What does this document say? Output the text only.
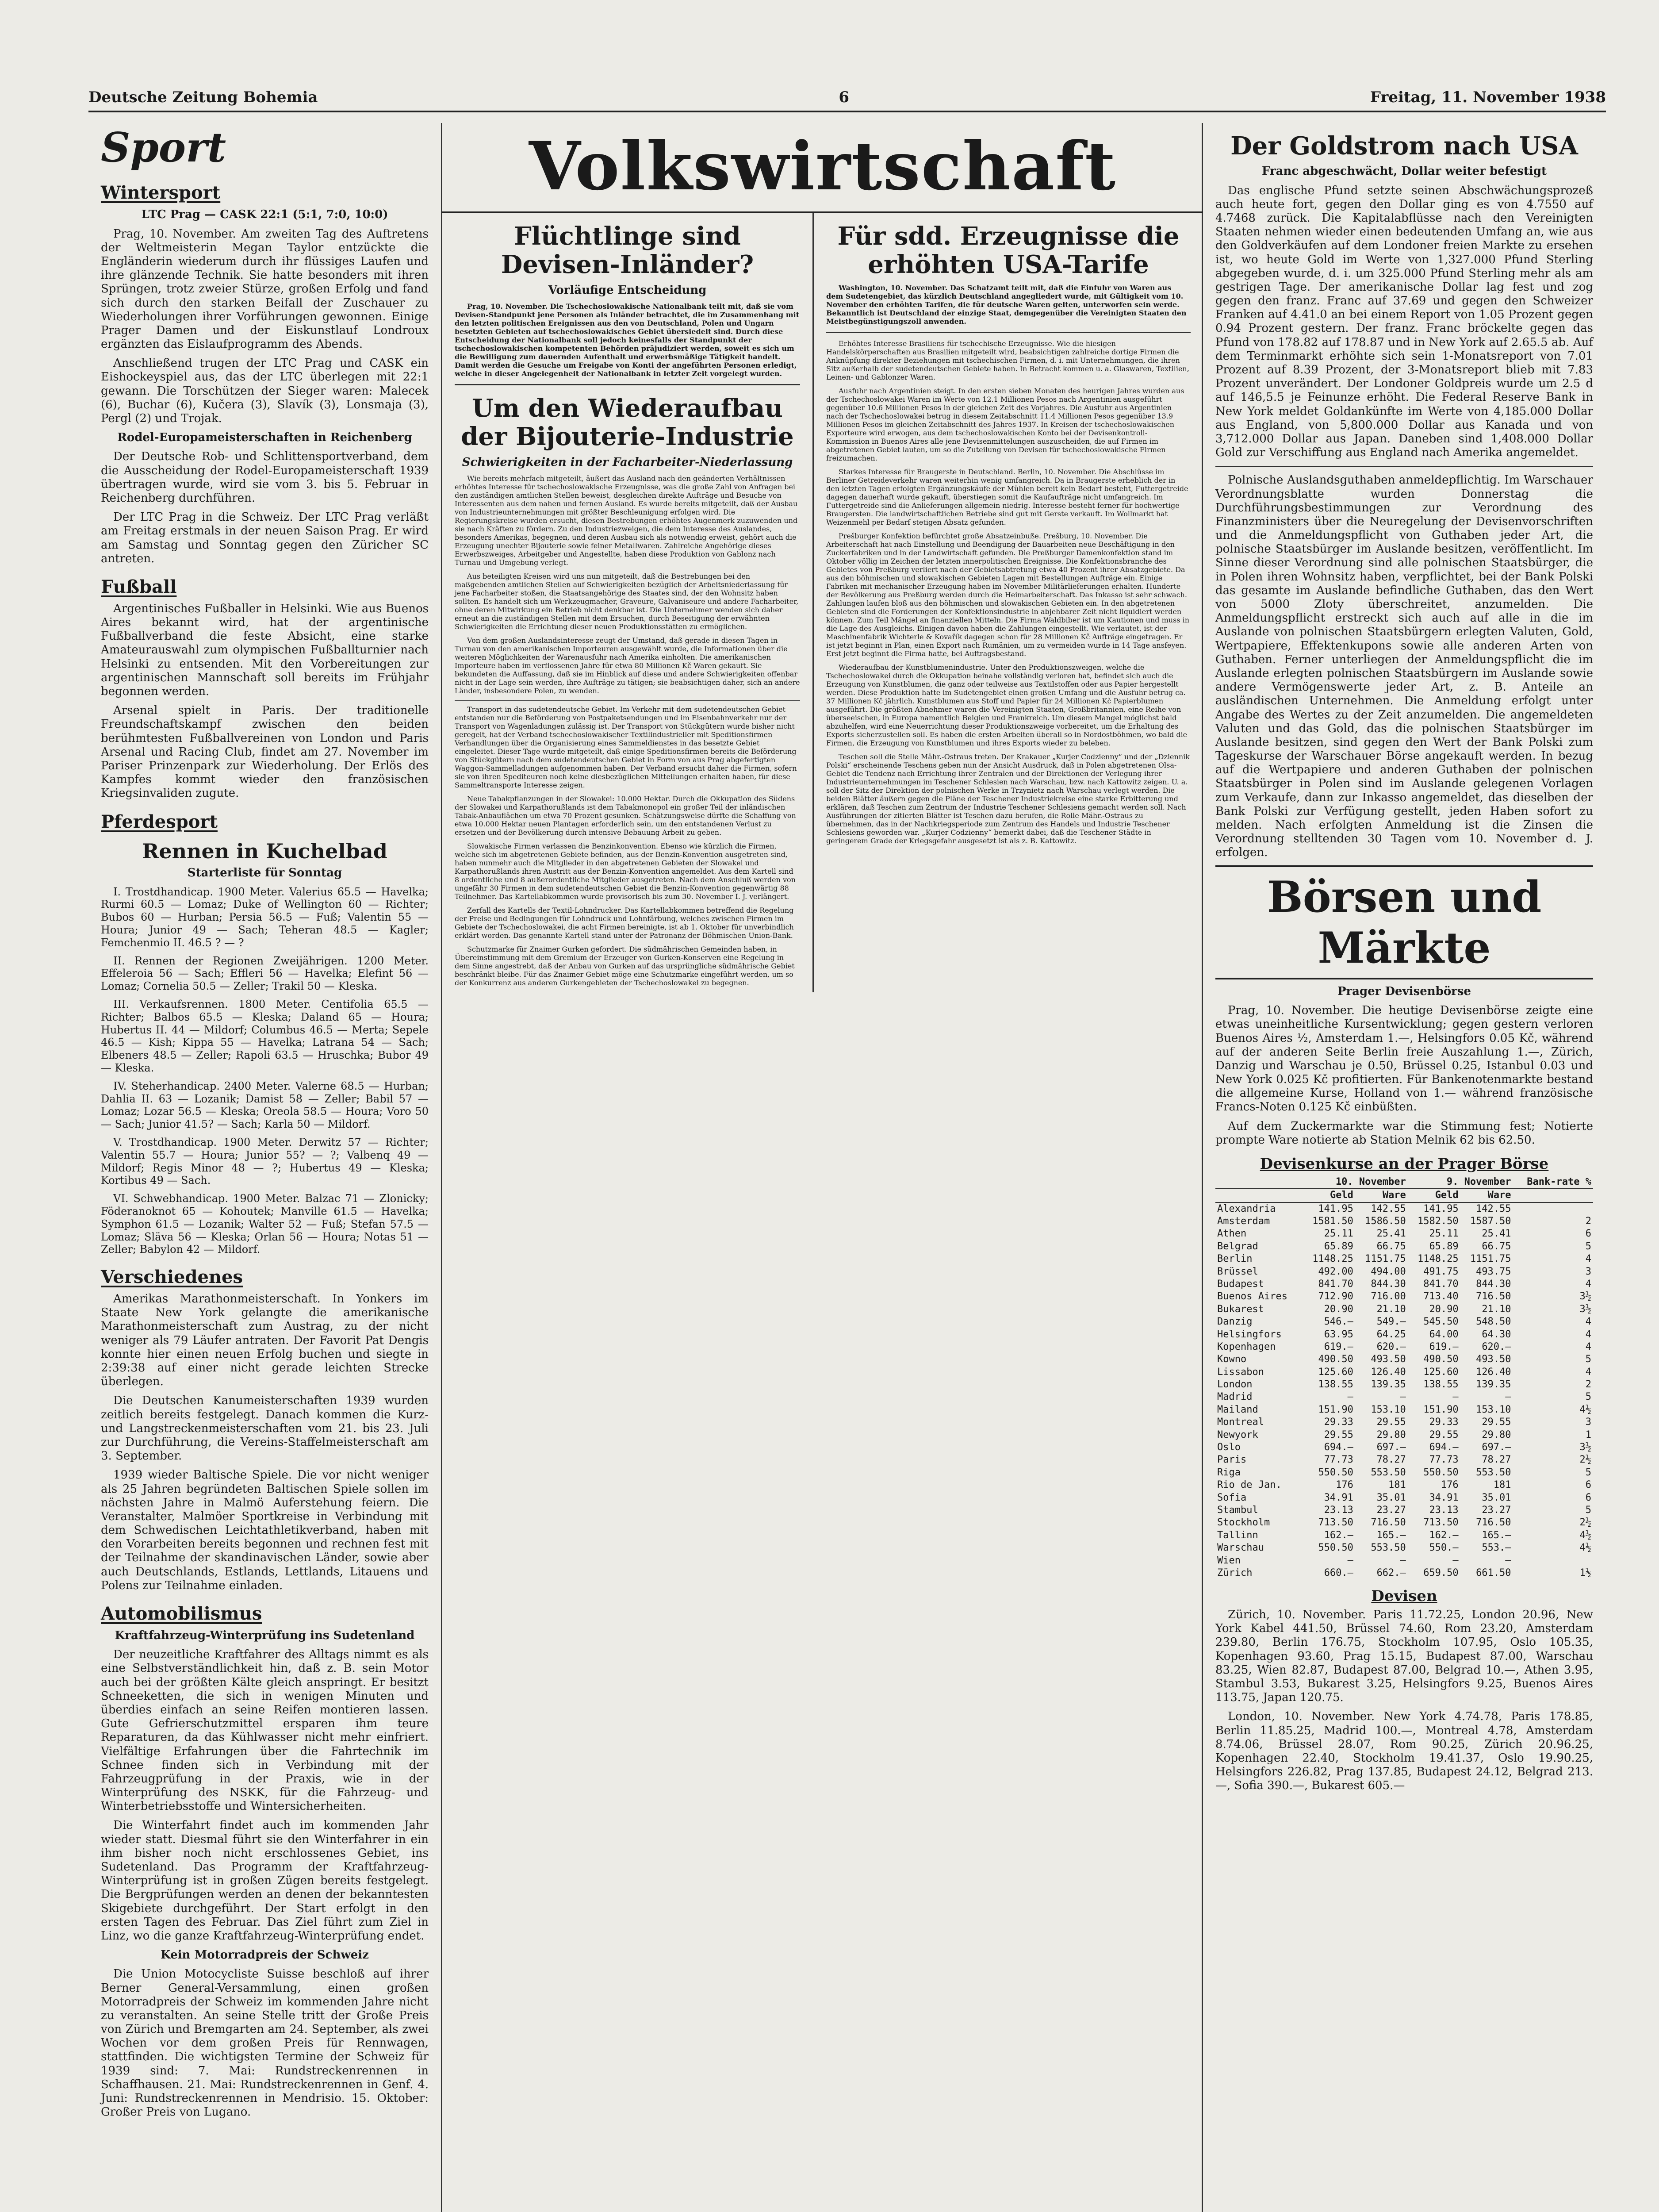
Deutsche Zeitung Bohemia	6	Freitag, 11. November 1938
Sport
Wintersport
LTC Prag — CASK 22:1 (5:1, 7:0, 10:0)

Prag, 10. November. Am zweiten Tag des Auftretens der Weltmeisterin Megan Taylor entzückte die Engländerin wiederum durch ihr flüssiges Laufen und ihre glänzende Technik. Sie hatte besonders mit ihren Sprüngen, trotz zweier Stürze, großen Erfolg und fand sich durch den starken Beifall der Zuschauer zu Wiederholungen ihrer Vorführungen gewonnen. Einige Prager Damen und der Eiskunstlauf Londroux ergänzten das Eislaufprogramm des Abends.

Anschließend trugen der LTC Prag und CASK ein Eishockeyspiel aus, das der LTC überlegen mit 22:1 gewann. Die Torschützen der Sieger waren: Malecek (6), Buchar (6), Kučera (3), Slavík (3), Lonsmaja (3), Pergl (2) und Trojak.

Rodel-Europameisterschaften in Reichenberg

Der Deutsche Rob- und Schlittensportverband, dem die Ausscheidung der Rodel-Europameisterschaft 1939 übertragen wurde, wird sie vom 3. bis 5. Februar in Reichenberg durchführen.

Der LTC Prag in die Schweiz. Der LTC Prag verläßt am Freitag erstmals in der neuen Saison Prag. Er wird am Samstag und Sonntag gegen den Züricher SC antreten.

Fußball

Argentinisches Fußballer in Helsinki. Wie aus Buenos Aires bekannt wird, hat der argentinische Fußballverband die feste Absicht, eine starke Amateurauswahl zum olympischen Fußballturnier nach Helsinki zu entsenden. Mit den Vorbereitungen zur argentinischen Mannschaft soll bereits im Frühjahr begonnen werden.

Arsenal spielt in Paris. Der traditionelle Freundschaftskampf zwischen den beiden berühmtesten Fußballvereinen von London und Paris Arsenal und Racing Club, findet am 27. November im Pariser Prinzenpark zur Wiederholung. Der Erlös des Kampfes kommt wieder den französischen Kriegsinvaliden zugute.

Pferdesport
Rennen in Kuchelbad
Starterliste für Sonntag

I. Trostdhandicap. 1900 Meter. Valerius 65.5 — Havelka; Rurmi 60.5 — Lomaz; Duke of Wellington 60 — Richter; Bubos 60 — Hurban; Persia 56.5 — Fuß; Valentin 55 — Houra; Junior 49 — Sach; Teheran 48.5 — Kagler; Femchenmio II. 46.5 ? — ?

II. Rennen der Regionen Zweijährigen. 1200 Meter. Effeleroia 56 — Sach; Effleri 56 — Havelka; Elefint 56 — Lomaz; Cornelia 50.5 — Zeller; Trakil 50 — Kleska.

III. Verkaufsrennen. 1800 Meter. Centifolia 65.5 — Richter; Balbos 65.5 — Kleska; Daland 65 — Houra; Hubertus II. 44 — Mildorf; Columbus 46.5 — Merta; Sepele 46.5 — Kish; Kippa 55 — Havelka; Latrana 54 — Sach; Elbeners 48.5 — Zeller; Rapoli 63.5 — Hruschka; Bubor 49 — Kleska.

IV. Steherhandicap. 2400 Meter. Valerne 68.5 — Hurban; Dahlia II. 63 — Lozanik; Damist 58 — Zeller; Babil 57 — Lomaz; Lozar 56.5 — Kleska; Oreola 58.5 — Houra; Voro 50 — Sach; Junior 41.5? — Sach; Karla 50 — Mildorf.

V. Trostdhandicap. 1900 Meter. Derwitz 57 — Richter; Valentin 55.7 — Houra; Junior 55? — ?; Valbenq 49 — Mildorf; Regis Minor 48 — ?; Hubertus 49 — Kleska; Kortibus 49 — Sach.

VI. Schwebhandicap. 1900 Meter. Balzac 71 — Zlonicky; Föderanoknot 65 — Kohoutek; Manville 61.5 — Havelka; Symphon 61.5 — Lozanik; Walter 52 — Fuß; Stefan 57.5 — Lomaz; Släva 56 — Kleska; Orlan 56 — Houra; Notas 51 — Zeller; Babylon 42 — Mildorf.

Verschiedenes

Amerikas Marathonmeisterschaft. In Yonkers im Staate New York gelangte die amerikanische Marathonmeisterschaft zum Austrag, zu der nicht weniger als 79 Läufer antraten. Der Favorit Pat Dengis konnte hier einen neuen Erfolg buchen und siegte in 2:39:38 auf einer nicht gerade leichten Strecke überlegen.

Die Deutschen Kanumeisterschaften 1939 wurden zeitlich bereits festgelegt. Danach kommen die Kurz- und Langstreckenmeisterschaften vom 21. bis 23. Juli zur Durchführung, die Vereins-Staffelmeisterschaft am 3. September.

1939 wieder Baltische Spiele. Die vor nicht weniger als 25 Jahren begründeten Baltischen Spiele sollen im nächsten Jahre in Malmö Auferstehung feiern. Die Veranstalter, Malmöer Sportkreise in Verbindung mit dem Schwedischen Leichtathletikverband, haben mit den Vorarbeiten bereits begonnen und rechnen fest mit der Teilnahme der skandinavischen Länder, sowie aber auch Deutschlands, Estlands, Lettlands, Litauens und Polens zur Teilnahme einladen.

Automobilismus
Kraftfahrzeug-Winterprüfung ins Sudetenland

Der neuzeitliche Kraftfahrer des Alltags nimmt es als eine Selbstverständlichkeit hin, daß z. B. sein Motor auch bei der größten Kälte gleich anspringt. Er besitzt Schneeketten, die sich in wenigen Minuten und überdies einfach an seine Reifen montieren lassen. Gute Gefrierschutzmittel ersparen ihm teure Reparaturen, da das Kühlwasser nicht mehr einfriert. Vielfältige Erfahrungen über die Fahrtechnik im Schnee finden sich in Verbindung mit der Fahrzeugprüfung in der Praxis, wie in der Winterprüfung des NSKK, für die Fahrzeug- und Winterbetriebsstoffe und Wintersicherheiten.

Die Winterfahrt findet auch im kommenden Jahr wieder statt. Diesmal führt sie den Winterfahrer in ein ihm bisher noch nicht erschlossenes Gebiet, ins Sudetenland. Das Programm der Kraftfahrzeug-Winterprüfung ist in großen Zügen bereits festgelegt. Die Bergprüfungen werden an denen der bekanntesten Skigebiete durchgeführt. Der Start erfolgt in den ersten Tagen des Februar. Das Ziel führt zum Ziel in Linz, wo die ganze Kraftfahrzeug-Winterprüfung endet.

Kein Motorradpreis der Schweiz

Die Union Motocycliste Suisse beschloß auf ihrer Berner General-Versammlung, einen großen Motorradpreis der Schweiz im kommenden Jahre nicht zu veranstalten. An seine Stelle tritt der Große Preis von Zürich und Bremgarten am 24. September, als zwei Wochen vor dem großen Preis für Rennwagen, stattfinden. Die wichtigsten Termine der Schweiz für 1939 sind: 7. Mai: Rundstreckenrennen in Schaffhausen. 21. Mai: Rundstreckenrennen in Genf. 4. Juni: Rundstreckenrennen in Mendrisio. 15. Oktober: Großer Preis von Lugano.

Volkswirtschaft
Flüchtlinge sind Devisen-Inländer?
Vorläufige Entscheidung

Prag, 10. November. Die Tschechoslowakische Nationalbank teilt mit, daß sie vom Devisen-Standpunkt jene Personen als Inländer betrachtet, die im Zusammenhang mit den letzten politischen Ereignissen aus den von Deutschland, Polen und Ungarn besetzten Gebieten auf tschechoslowakisches Gebiet übersiedelt sind. Durch diese Entscheidung der Nationalbank soll jedoch keinesfalls der Standpunkt der tschechoslowakischen kompetenten Behörden präjudiziert werden, soweit es sich um die Bewilligung zum dauernden Aufenthalt und erwerbsmäßige Tätigkeit handelt. Damit werden die Gesuche um Freigabe von Konti der angeführten Personen erledigt, welche in dieser Angelegenheit der Nationalbank in letzter Zeit vorgelegt wurden.

Um den Wiederaufbau der Bijouterie-Industrie
Schwierigkeiten in der Facharbeiter-Niederlassung

Wie bereits mehrfach mitgeteilt, äußert das Ausland nach den geänderten Verhältnissen erhöhtes Interesse für tschechoslowakische Erzeugnisse, was die große Zahl von Anfragen bei den zuständigen amtlichen Stellen beweist, desgleichen direkte Aufträge und Besuche von Interessenten aus dem nahen und fernen Ausland. Es wurde bereits mitgeteilt, daß der Ausbau von Industrieunternehmungen mit größter Beschleunigung erfolgen wird. Die Regierungskreise wurden ersucht, diesen Bestrebungen erhöhtes Augenmerk zuzuwenden und sie nach Kräften zu fördern. Zu den Industriezweigen, die dem Interesse des Auslandes, besonders Amerikas, begegnen, und deren Ausbau sich als notwendig erweist, gehört auch die Erzeugung unechter Bijouterie sowie feiner Metallwaren. Zahlreiche Angehörige dieses Erwerbszweiges, Arbeitgeber und Angestellte, haben diese Produktion von Gablonz nach Turnau und Umgebung verlegt.

Aus beteiligten Kreisen wird uns nun mitgeteilt, daß die Bestrebungen bei den maßgebenden amtlichen Stellen auf Schwierigkeiten bezüglich der Arbeitsniederlassung für jene Facharbeiter stoßen, die Staatsangehörige des Staates sind, der den Wohnsitz haben sollten. Es handelt sich um Werkzeugmacher, Graveure, Galvaniseure und andere Facharbeiter, ohne deren Mitwirkung ein Betrieb nicht denkbar ist. Die Unternehmer wenden sich daher erneut an die zuständigen Stellen mit dem Ersuchen, durch Beseitigung der erwähnten Schwierigkeiten die Errichtung dieser neuen Produktionsstätten zu ermöglichen.

Von dem großen Auslandsinteresse zeugt der Umstand, daß gerade in diesen Tagen in Turnau von den amerikanischen Importeuren ausgewählt wurde, die Informationen über die weiteren Möglichkeiten der Warenausfuhr nach Amerika einholten. Die amerikanischen Importeure haben im verflossenen Jahre für etwa 80 Millionen Kč Waren gekauft. Sie bekundeten die Auffassung, daß sie im Hinblick auf diese und andere Schwierigkeiten offenbar nicht in der Lage sein werden, ihre Aufträge zu tätigen; sie beabsichtigen daher, sich an andere Länder, insbesondere Polen, zu wenden.

Transport in das sudetendeutsche Gebiet. Im Verkehr mit dem sudetendeutschen Gebiet entstanden nur die Beförderung von Postpaketsendungen und im Eisenbahnverkehr nur der Transport von Wagenladungen zulässig ist. Der Transport von Stückgütern wurde bisher nicht geregelt, hat der Verband tschechoslowakischer Textilindustrieller mit Speditionsfirmen Verhandlungen über die Organisierung eines Sammeldienstes in das besetzte Gebiet eingeleitet. Dieser Tage wurde mitgeteilt, daß einige Speditionsfirmen bereits die Beförderung von Stückgütern nach dem sudetendeutschen Gebiet in Form von aus Prag abgefertigten Waggon-Sammelladungen aufgenommen haben. Der Verband ersucht daher die Firmen, sofern sie von ihren Spediteuren noch keine diesbezüglichen Mitteilungen erhalten haben, für diese Sammeltransporte Interesse zeigen.

Neue Tabakpflanzungen in der Slowakei: 10.000 Hektar. Durch die Okkupation des Südens der Slowakei und Karpathorußlands ist dem Tabakmonopol ein großer Teil der inländischen Tabak-Anbauflächen um etwa 70 Prozent gesunken. Schätzungsweise dürfte die Schaffung von etwa 10.000 Hektar neuen Plantagen erforderlich sein, um den entstandenen Verlust zu ersetzen und der Bevölkerung durch intensive Bebauung Arbeit zu geben.

Slowakische Firmen verlassen die Benzinkonvention. Ebenso wie kürzlich die Firmen, welche sich im abgetretenen Gebiete befinden, aus der Benzin-Konvention ausgetreten sind, haben nunmehr auch die Mitglieder in den abgetretenen Gebieten der Slowakei und Karpathorußlands ihren Austritt aus der Benzin-Konvention angemeldet. Aus dem Kartell sind 8 ordentliche und 8 außerordentliche Mitglieder ausgetreten. Nach dem Anschluß werden von ungefähr 30 Firmen in dem sudetendeutschen Gebiet die Benzin-Konvention gegenwärtig 88 Teilnehmer. Das Kartellabkommen wurde provisorisch bis zum 30. November I. J. verlängert.

Zerfall des Kartells der Textil-Lohndrucker. Das Kartellabkommen betreffend die Regelung der Preise und Bedingungen für Lohndruck und Lohnfärbung, welches zwischen Firmen im Gebiete der Tschechoslowakei, die acht Firmen bereinigte, ist ab 1. Oktober für unverbindlich erklärt worden. Das genannte Kartell stand unter der Patronanz der Böhmischen Union-Bank.

Schutzmarke für Znaimer Gurken gefordert. Die südmährischen Gemeinden haben, in Übereinstimmung mit dem Gremium der Erzeuger von Gurken-Konserven eine Regelung in dem Sinne angestrebt, daß der Anbau von Gurken auf das ursprüngliche südmährische Gebiet beschränkt bleibe. Für das Znaimer Gebiet möge eine Schutzmarke eingeführt werden, um so der Konkurrenz aus anderen Gurkengebieten der Tschechoslowakei zu begegnen.

Für sdd. Erzeugnisse die erhöhten USA-Tarife

Washington, 10. November. Das Schatzamt teilt mit, daß die Einfuhr von Waren aus dem Sudetengebiet, das kürzlich Deutschland angegliedert wurde, mit Gültigkeit vom 10. November den erhöhten Tarifen, die für deutsche Waren gelten, unterworfen sein werde. Bekanntlich ist Deutschland der einzige Staat, demgegenüber die Vereinigten Staaten den Meistbegünstigungszoll anwenden.

Erhöhtes Interesse Brasiliens für tschechische Erzeugnisse. Wie die hiesigen Handelskörperschaften aus Brasilien mitgeteilt wird, beabsichtigen zahlreiche dortige Firmen die Anknüpfung direkter Beziehungen mit tschechischen Firmen, d. i. mit Unternehmungen, die ihren Sitz außerhalb der sudetendeutschen Gebiete haben. In Betracht kommen u. a. Glaswaren, Textilien, Leinen- und Gablonzer Waren.

Ausfuhr nach Argentinien steigt. In den ersten sieben Monaten des heurigen Jahres wurden aus der Tschechoslowakei Waren im Werte von 12.1 Millionen Pesos nach Argentinien ausgeführt gegenüber 10.6 Millionen Pesos in der gleichen Zeit des Vorjahres. Die Ausfuhr aus Argentinien nach der Tschechoslowakei betrug in diesem Zeitabschnitt 11.4 Millionen Pesos gegenüber 13.9 Millionen Pesos im gleichen Zeitabschnitt des Jahres 1937. In Kreisen der tschechoslowakischen Exporteure wird erwogen, aus dem tschechoslowakischen Konto bei der Devisenkontroll-Kommission in Buenos Aires alle jene Devisenmittelungen auszuscheiden, die auf Firmen im abgetretenen Gebiet lauten, um so die Zuteilung von Devisen für tschechoslowakische Firmen freizumachen.

Starkes Interesse für Braugerste in Deutschland. Berlin, 10. November. Die Abschlüsse im Berliner Getreideverkehr waren weiterhin wenig umfangreich. Da in Braugerste erheblich der in den letzten Tagen erfolgten Ergänzungskäufe der Mühlen bereit kein Bedarf besteht, Futtergetreide dagegen dauerhaft wurde gekauft, überstiegen somit die Kaufaufträge nicht umfangreich. Im Futtergetreide sind die Anlieferungen allgemein niedrig. Interesse besteht ferner für hochwertige Braugersten. Die landwirtschaftlichen Betriebe sind gut mit Gerste verkauft. Im Wollmarkt hat Weizenmehl per Bedarf stetigen Absatz gefunden.

Prešburger Konfektion befürchtet große Absatzeinbuße. Prešburg, 10. November. Die Arbeiterschaft hat nach Einstellung und Beendigung der Bauarbeiten neue Beschäftigung in den Zuckerfabriken und in der Landwirtschaft gefunden. Die Preßburger Damenkonfektion stand im Oktober völlig im Zeichen der letzten innerpolitischen Ereignisse. Die Konfektionsbranche des Gebietes von Preßburg verliert nach der Gebietsabtretung etwa 40 Prozent ihrer Absatzgebiete. Da aus den böhmischen und slowakischen Gebieten Lagen mit Bestellungen Aufträge ein. Einige Fabriken mit mechanischer Erzeugung haben im November Militärlieferungen erhalten. Hunderte der Bevölkerung aus Preßburg werden durch die Heimarbeiterschaft. Das Inkasso ist sehr schwach. Zahlungen laufen bloß aus den böhmischen und slowakischen Gebieten ein. In den abgetretenen Gebieten sind die Forderungen der Konfektionsindustrie in abjehbarer Zeit nicht liquidiert werden können. Zum Teil Mängel an finanziellen Mitteln. Die Firma Waldbiber ist um Kautionen und muss in die Lage des Ausgleichs. Einigen davon haben die Zahlungen eingestellt. Wie verlautet, ist der Maschinenfabrik Wichterle & Kovařík dagegen schon für 28 Millionen Kč Aufträge eingetragen. Er ist jetzt beginnt in Plan, einen Export nach Rumänien, um zu vermeiden wurde in 14 Tage ansfeyen. Erst jetzt beginnt die Firma hatte, bei Auftragsbestand.

Wiederaufbau der Kunstblumenindustrie. Unter den Produktionszweigen, welche die Tschechoslowakei durch die Okkupation beinahe vollständig verloren hat, befindet sich auch die Erzeugung von Kunstblumen, die ganz oder teilweise aus Textilstoffen oder aus Papier hergestellt werden. Diese Produktion hatte im Sudetengebiet einen großen Umfang und die Ausfuhr betrug ca. 37 Millionen Kč jährlich. Kunstblumen aus Stoff und Papier für 24 Millionen Kč Papierblumen ausgeführt. Die größten Abnehmer waren die Vereinigten Staaten, Großbritannien, eine Reihe von überseeischen, in Europa namentlich Belgien und Frankreich. Um diesem Mangel möglichst bald abzuhelfen, wird eine Neuerrichtung dieser Produktionszweige vorbereitet, um die Erhaltung des Exports sicherzustellen soll. Es haben die ersten Arbeiten überall so in Nordostböhmen, wo bald die Firmen, die Erzeugung von Kunstblumen und ihres Exports wieder zu beleben.

Teschen soll die Stelle Mähr.-Ostraus treten. Der Krakauer „Kurjer Codzienny“ und der „Dziennik Polski“ erscheinende Teschens geben nun der Ansicht Ausdruck, daß in Polen abgetretenen Olsa-Gebiet die Tendenz nach Errichtung ihrer Zentralen und der Direktionen der Verlegung ihrer Industrieunternehmungen im Teschener Schlesien nach Warschau, bzw. nach Kattowitz zeigen. U. a. soll der Sitz der Direktion der polnischen Werke in Trzynietz nach Warschau verlegt werden. Die beiden Blätter äußern gegen die Pläne der Teschener Industriekreise eine starke Erbitterung und erklären, daß Teschen zum Zentrum der Industrie Teschener Schlesiens gemacht werden soll. Nach Ausführungen der zitierten Blätter ist Teschen dazu berufen, die Rolle Mähr.-Ostraus zu übernehmen, das in der Nachkriegsperiode zum Zentrum des Handels und Industrie Teschener Schlesiens geworden war. „Kurjer Codzienny“ bemerkt dabei, daß die Teschener Städte in geringerem Grade der Kriegsgefahr ausgesetzt ist als z. B. Kattowitz.

Der Goldstrom nach USA
Franc abgeschwächt, Dollar weiter befestigt

Das englische Pfund setzte seinen Abschwächungsprozeß auch heute fort, gegen den Dollar ging es von 4.7550 auf 4.7468 zurück. Die Kapitalabflüsse nach den Vereinigten Staaten nehmen wieder einen bedeutenden Umfang an, wie aus den Goldverkäufen auf dem Londoner freien Markte zu ersehen ist, wo heute Gold im Werte von 1,327.000 Pfund Sterling abgegeben wurde, d. i. um 325.000 Pfund Sterling mehr als am gestrigen Tage. Der amerikanische Dollar lag fest und zog gegen den franz. Franc auf 37.69 und gegen den Schweizer Franken auf 4.41.0 an bei einem Report von 1.05 Prozent gegen 0.94 Prozent gestern. Der franz. Franc bröckelte gegen das Pfund von 178.82 auf 178.87 und in New York auf 2.65.5 ab. Auf dem Terminmarkt erhöhte sich sein 1-Monatsreport von 7.01 Prozent auf 8.39 Prozent, der 3-Monatsreport blieb mit 7.83 Prozent unverändert. Der Londoner Goldpreis wurde um 2.5 d auf 146,5.5 je Feinunze erhöht. Die Federal Reserve Bank in New York meldet Goldankünfte im Werte von 4,185.000 Dollar aus England, von 5,800.000 Dollar aus Kanada und von 3,712.000 Dollar aus Japan. Daneben sind 1,408.000 Dollar Gold zur Verschiffung aus England nach Amerika angemeldet.

Polnische Auslandsguthaben anmeldepflichtig. Im Warschauer Verordnungsblatte wurden Donnerstag die Durchführungsbestimmungen zur Verordnung des Finanzministers über die Neuregelung der Devisenvorschriften und die Anmeldungspflicht von Guthaben jeder Art, die polnische Staatsbürger im Auslande besitzen, veröffentlicht. Im Sinne dieser Verordnung sind alle polnischen Staatsbürger, die in Polen ihren Wohnsitz haben, verpflichtet, bei der Bank Polski das gesamte im Auslande befindliche Guthaben, das den Wert von 5000 Zloty überschreitet, anzumelden. Die Anmeldungspflicht erstreckt sich auch auf alle in die im Auslande von polnischen Staatsbürgern erlegten Valuten, Gold, Wertpapiere, Effektenkupons sowie alle anderen Arten von Guthaben. Ferner unterliegen der Anmeldungspflicht die im Auslande erlegten polnischen Staatsbürgern im Auslande sowie andere Vermögenswerte jeder Art, z. B. Anteile an ausländischen Unternehmen. Die Anmeldung erfolgt unter Angabe des Wertes zu der Zeit anzumelden. Die angemeldeten Valuten und das Gold, das die polnischen Staatsbürger im Auslande besitzen, sind gegen den Wert der Bank Polski zum Tageskurse der Warschauer Börse angekauft werden. In bezug auf die Wertpapiere und anderen Guthaben der polnischen Staatsbürger in Polen sind im Auslande gelegenen Vorlagen zum Verkaufe, dann zur Inkasso angemeldet, das dieselben der Bank Polski zur Verfügung gestellt, jeden Haben sofort zu melden. Nach erfolgten Anmeldung ist die Zinsen die Verordnung stelltenden 30 Tagen vom 10. November d. J. erfolgen.

Börsen und Märkte
Prager Devisenbörse

Prag, 10. November. Die heutige Devisenbörse zeigte eine etwas uneinheitliche Kursentwicklung; gegen gestern verloren Buenos Aires ½, Amsterdam 1.—, Helsingfors 0.05 Kč, während auf der anderen Seite Berlin freie Auszahlung 1.—, Zürich, Danzig und Warschau je 0.50, Brüssel 0.25, Istanbul 0.03 und New York 0.025 Kč profitierten. Für Bankenotenmarkte bestand die allgemeine Kurse, Holland von 1.— während französische Francs-Noten 0.125 Kč einbüßten.

Auf dem Zuckermarkte war die Stimmung fest; Notierte prompte Ware notierte ab Station Melnik 62 bis 62.50.

Devisenkurse an der Prager Börse
	10. November		9. November		Bank-rate %
	Geld	Ware	Geld	Ware	
Alexandria	141.95	142.55	141.95	142.55	
Amsterdam	1581.50	1586.50	1582.50	1587.50	2
Athen	25.11	25.41	25.11	25.41	6
Belgrad	65.89	66.75	65.89	66.75	5
Berlin	1148.25	1151.75	1148.25	1151.75	4
Brüssel	492.00	494.00	491.75	493.75	3
Budapest	841.70	844.30	841.70	844.30	4
Buenos Aires	712.90	716.00	713.40	716.50	3½
Bukarest	20.90	21.10	20.90	21.10	3½
Danzig	546.—	549.—	545.50	548.50	4
Helsingfors	63.95	64.25	64.00	64.30	4
Kopenhagen	619.—	620.—	619.—	620.—	4
Kowno	490.50	493.50	490.50	493.50	5
Lissabon	125.60	126.40	125.60	126.40	4
London	138.55	139.35	138.55	139.35	2
Madrid	—	—	—	—	5
Mailand	151.90	153.10	151.90	153.10	4½
Montreal	29.33	29.55	29.33	29.55	3
Newyork	29.55	29.80	29.55	29.80	1
Oslo	694.—	697.—	694.—	697.—	3½
Paris	77.73	78.27	77.73	78.27	2½
Riga	550.50	553.50	550.50	553.50	5
Rio de Jan.	176	181	176	181	6
Sofia	34.91	35.01	34.91	35.01	6
Stambul	23.13	23.27	23.13	23.27	5
Stockholm	713.50	716.50	713.50	716.50	2½
Tallinn	162.—	165.—	162.—	165.—	4½
Warschau	550.50	553.50	550.—	553.—	4½
Wien	—	—	—	—	
Zürich	660.—	662.—	659.50	661.50	1½
Devisen

Zürich, 10. November. Paris 11.72.25, London 20.96, New York Kabel 441.50, Brüssel 74.60, Rom 23.20, Amsterdam 239.80, Berlin 176.75, Stockholm 107.95, Oslo 105.35, Kopenhagen 93.60, Prag 15.15, Budapest 87.00, Warschau 83.25, Wien 82.87, Budapest 87.00, Belgrad 10.—, Athen 3.95, Stambul 3.53, Bukarest 3.25, Helsingfors 9.25, Buenos Aires 113.75, Japan 120.75.

London, 10. November. New York 4.74.78, Paris 178.85, Berlin 11.85.25, Madrid 100.—, Montreal 4.78, Amsterdam 8.74.06, Brüssel 28.07, Rom 90.25, Zürich 20.96.25, Kopenhagen 22.40, Stockholm 19.41.37, Oslo 19.90.25, Helsingfors 226.82, Prag 137.85, Budapest 24.12, Belgrad 213.—, Sofia 390.—, Bukarest 605.—
